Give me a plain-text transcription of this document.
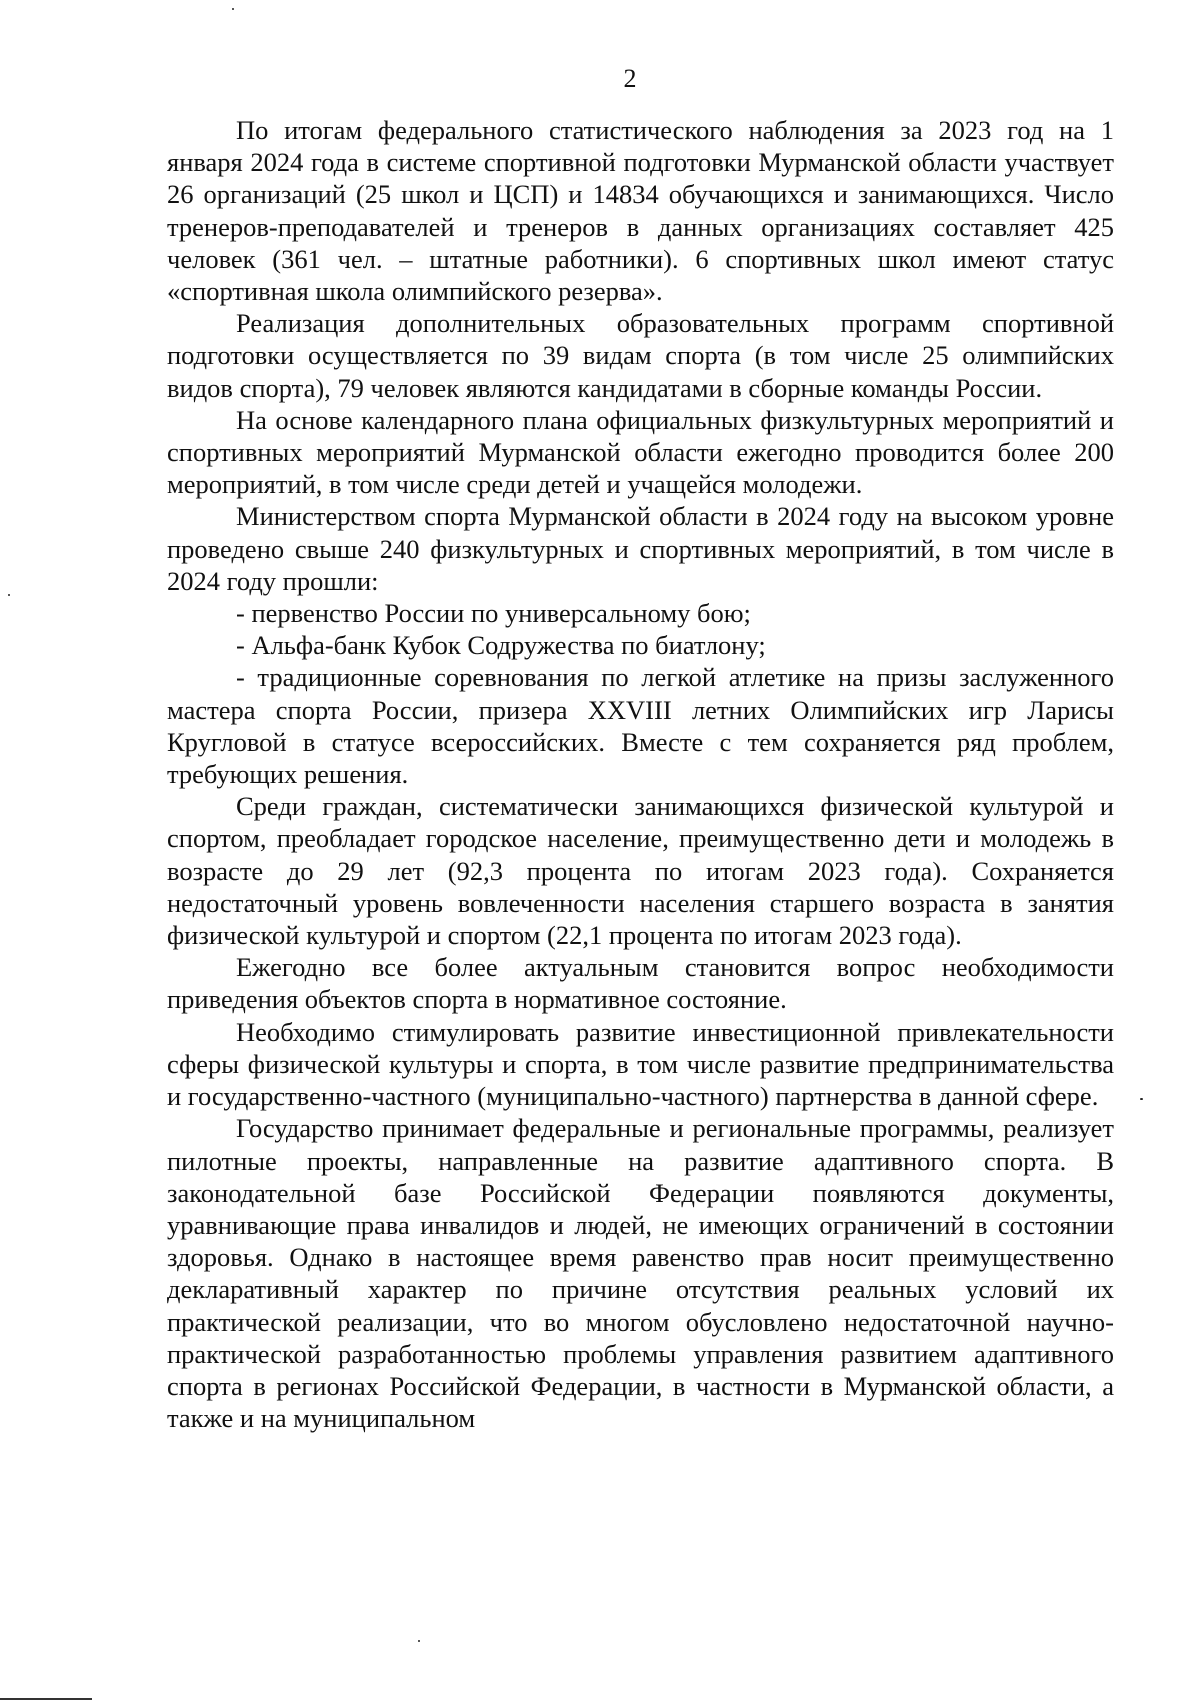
2

По итогам федерального статистического наблюдения за 2023 год на 1 января 2024 года в системе спортивной подготовки Мурманской области участвует 26 организаций (25 школ и ЦСП) и 14834 обучающихся и занимающихся. Число тренеров-преподавателей и тренеров в данных организациях составляет 425 человек (361 чел. – штатные работники). 6 спортивных школ имеют статус «спортивная школа олимпийского резерва».

Реализация дополнительных образовательных программ спортивной подготовки осуществляется по 39 видам спорта (в том числе 25 олимпийских видов спорта), 79 человек являются кандидатами в сборные команды России.

На основе календарного плана официальных физкультурных мероприятий и спортивных мероприятий Мурманской области ежегодно проводится более 200 мероприятий, в том числе среди детей и учащейся молодежи.

Министерством спорта Мурманской области в 2024 году на высоком уровне проведено свыше 240 физкультурных и спортивных мероприятий, в том числе в 2024 году прошли:

- первенство России по универсальному бою;

- Альфа-банк Кубок Содружества по биатлону;

- традиционные соревнования по легкой атлетике на призы заслуженного мастера спорта России, призера XXVIII летних Олимпийских игр Ларисы Кругловой в статусе всероссийских. Вместе с тем сохраняется ряд проблем, требующих решения.

Среди граждан, систематически занимающихся физической культурой и спортом, преобладает городское население, преимущественно дети и молодежь в возрасте до 29 лет (92,3 процента по итогам 2023 года). Сохраняется недостаточный уровень вовлеченности населения старшего возраста в занятия физической культурой и спортом (22,1 процента по итогам 2023 года).

Ежегодно все более актуальным становится вопрос необходимости приведения объектов спорта в нормативное состояние.

Необходимо стимулировать развитие инвестиционной привлекательности сферы физической культуры и спорта, в том числе развитие предпринимательства и государственно-частного (муниципально-частного) партнерства в данной сфере.

Государство принимает федеральные и региональные программы, реализует пилотные проекты, направленные на развитие адаптивного спорта. В законодательной базе Российской Федерации появляются документы, уравнивающие права инвалидов и людей, не имеющих ограничений в состоянии здоровья. Однако в настоящее время равенство прав носит преимущественно декларативный характер по причине отсутствия реальных условий их практической реализации, что во многом обусловлено недостаточной научно-практической разработанностью проблемы управления развитием адаптивного спорта в регионах Российской Федерации, в частности в Мурманской области, а также и на муниципальном
